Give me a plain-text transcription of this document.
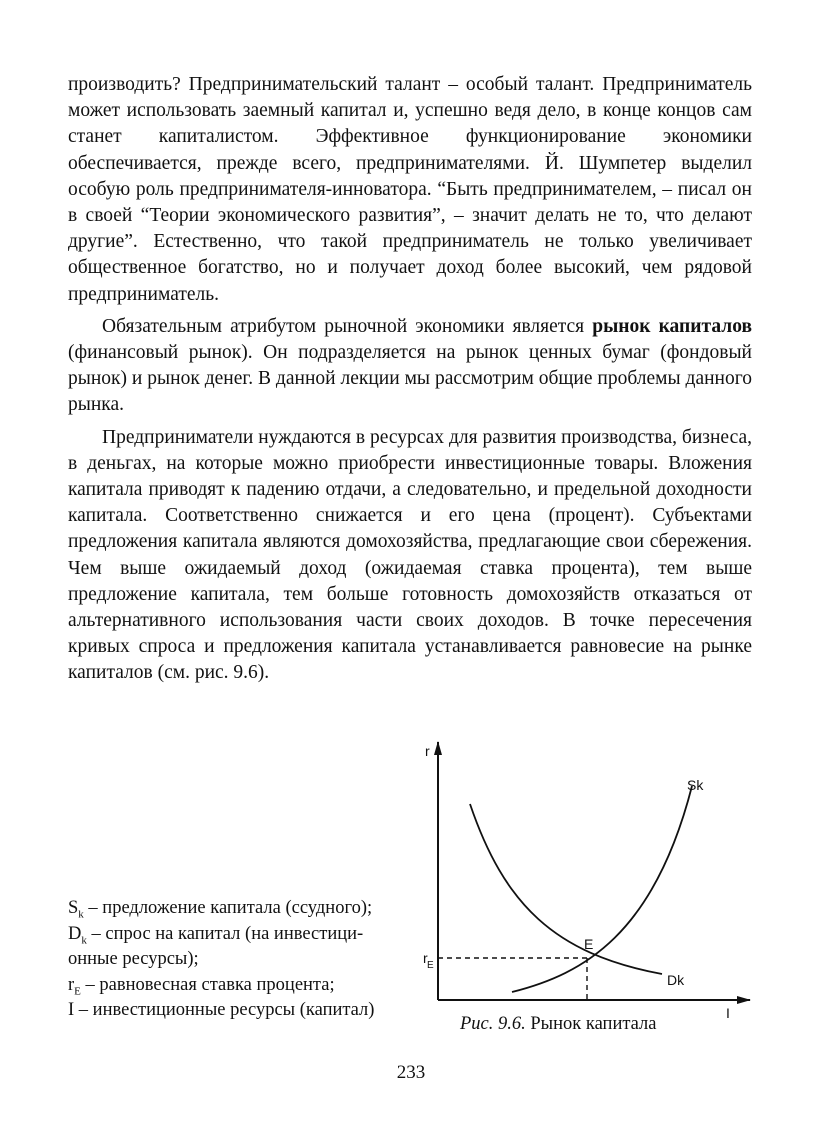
производить? Предпринимательский талант – особый талант. Предприниматель может использовать заемный капитал и, успешно ведя дело, в конце концов сам станет капиталистом. Эффективное функционирование экономики обеспечивается, прежде всего, предпринимателями. Й. Шумпетер выделил особую роль предпринимателя-инноватора. “Быть предпринимателем, – писал он в своей “Теории экономического развития”, – значит делать не то, что делают другие”. Естественно, что такой предприниматель не только увеличивает общественное богатство, но и получает доход более высокий, чем рядовой предприниматель.

Обязательным атрибутом рыночной экономики является рынок капиталов (финансовый рынок). Он подразделяется на рынок ценных бумаг (фондовый рынок) и рынок денег. В данной лекции мы рассмотрим общие проблемы данного рынка.

Предприниматели нуждаются в ресурсах для развития производства, бизнеса, в деньгах, на которые можно приобрести инвестиционные товары. Вложения капитала приводят к падению отдачи, а следовательно, и предельной доходности капитала. Соответственно снижается и его цена (процент). Субъектами предложения капитала являются домохозяйства, предлагающие свои сбережения. Чем выше ожидаемый доход (ожидаемая ставка процента), тем выше предложение капитала, тем больше готовность домохозяйств отказаться от альтернативного использования части своих доходов. В точке пересечения кривых спроса и предложения капитала устанавливается равновесие на рынке капиталов (см. рис. 9.6).

$S_k$ – предложение капитала (ссудного);
$D_k$ – спрос на капитал (на инвестици-
онные ресурсы);
$r_E$ – равновесная ставка процента;
I – инвестиционные ресурсы (капитал)
r
I
Sk
Dk
E
r E
Рис. 9.6. Рынок капитала
233
